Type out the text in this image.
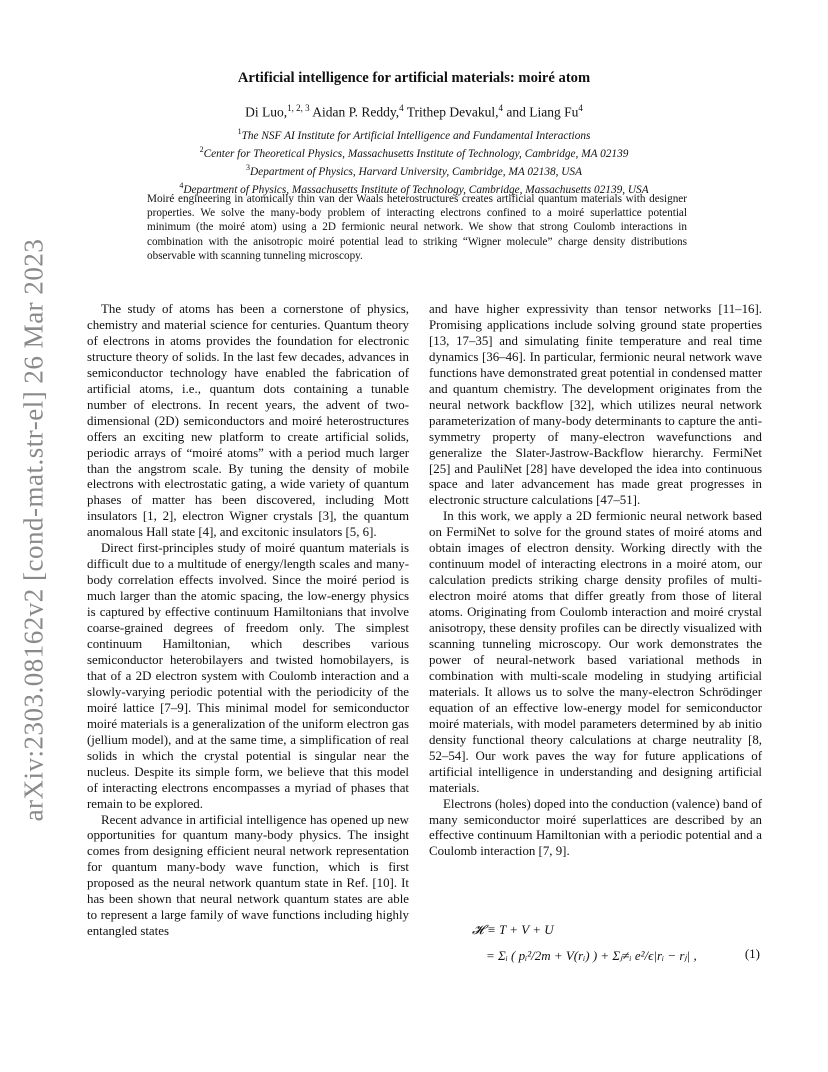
arXiv:2303.08162v2 [cond-mat.str-el] 26 Mar 2023
Artificial intelligence for artificial materials: moiré atom
Di Luo,$^{1, 2, 3}$ Aidan P. Reddy,$^4$ Trithep Devakul,$^4$ and Liang Fu$^4$
$^1$The NSF AI Institute for Artificial Intelligence and Fundamental Interactions
$^2$Center for Theoretical Physics, Massachusetts Institute of Technology, Cambridge, MA 02139
$^3$Department of Physics, Harvard University, Cambridge, MA 02138, USA
$^4$Department of Physics, Massachusetts Institute of Technology, Cambridge, Massachusetts 02139, USA
Moiré engineering in atomically thin van der Waals heterostructures creates artificial quantum materials with designer properties. We solve the many-body problem of interacting electrons confined to a moiré superlattice potential minimum (the moiré atom) using a 2D fermionic neural network. We show that strong Coulomb interactions in combination with the anisotropic moiré potential lead to striking “Wigner molecule” charge density distributions observable with scanning tunneling microscopy.

The study of atoms has been a cornerstone of physics, chemistry and material science for centuries. Quantum theory of electrons in atoms provides the foundation for electronic structure theory of solids. In the last few decades, advances in semiconductor technology have enabled the fabrication of artificial atoms, i.e., quantum dots containing a tunable number of electrons. In recent years, the advent of two-dimensional (2D) semiconductors and moiré heterostructures offers an exciting new platform to create artificial solids, periodic arrays of “moiré atoms” with a period much larger than the angstrom scale. By tuning the density of mobile electrons with electrostatic gating, a wide variety of quantum phases of matter has been discovered, including Mott insulators [1, 2], electron Wigner crystals [3], the quantum anomalous Hall state [4], and excitonic insulators [5, 6].

Direct first-principles study of moiré quantum materials is difficult due to a multitude of energy/length scales and many-body correlation effects involved. Since the moiré period is much larger than the atomic spacing, the low-energy physics is captured by effective continuum Hamiltonians that involve coarse-grained degrees of freedom only. The simplest continuum Hamiltonian, which describes various semiconductor heterobilayers and twisted homobilayers, is that of a 2D electron system with Coulomb interaction and a slowly-varying periodic potential with the periodicity of the moiré lattice [7–9]. This minimal model for semiconductor moiré materials is a generalization of the uniform electron gas (jellium model), and at the same time, a simplification of real solids in which the crystal potential is singular near the nucleus. Despite its simple form, we believe that this model of interacting electrons encompasses a myriad of phases that remain to be explored.

Recent advance in artificial intelligence has opened up new opportunities for quantum many-body physics. The insight comes from designing efficient neural network representation for quantum many-body wave function, which is first proposed as the neural network quantum state in Ref. [10]. It has been shown that neural network quantum states are able to represent a large family of wave functions including highly entangled states

and have higher expressivity than tensor networks [11–16]. Promising applications include solving ground state properties [13, 17–35] and simulating finite temperature and real time dynamics [36–46]. In particular, fermionic neural network wave functions have demonstrated great potential in condensed matter and quantum chemistry. The development originates from the neural network backflow [32], which utilizes neural network parameterization of many-body determinants to capture the anti-symmetry property of many-electron wavefunctions and generalize the Slater-Jastrow-Backflow hierarchy. FermiNet [25] and PauliNet [28] have developed the idea into continuous space and later advancement has made great progresses in electronic structure calculations [47–51].

In this work, we apply a 2D fermionic neural network based on FermiNet to solve for the ground states of moiré atoms and obtain images of electron density. Working directly with the continuum model of interacting electrons in a moiré atom, our calculation predicts striking charge density profiles of multi-electron moiré atoms that differ greatly from those of literal atoms. Originating from Coulomb interaction and moiré crystal anisotropy, these density profiles can be directly visualized with scanning tunneling microscopy. Our work demonstrates the power of neural-network based variational methods in combination with multi-scale modeling in studying artificial materials. It allows us to solve the many-electron Schrödinger equation of an effective low-energy model for semiconductor moiré materials, with model parameters determined by ab initio density functional theory calculations at charge neutrality [8, 52–54]. Our work paves the way for future applications of artificial intelligence in understanding and designing artificial materials.

Electrons (holes) doped into the conduction (valence) band of many semiconductor moiré superlattices are described by an effective continuum Hamiltonian with a periodic potential and a Coulomb interaction [7, 9].

𝓗 ≡ T + V + U
= Σᵢ ( pᵢ²/2m + V(rᵢ) ) + Σⱼ≠ᵢ e²/ϵ|rᵢ − rⱼ| ,	(1)
